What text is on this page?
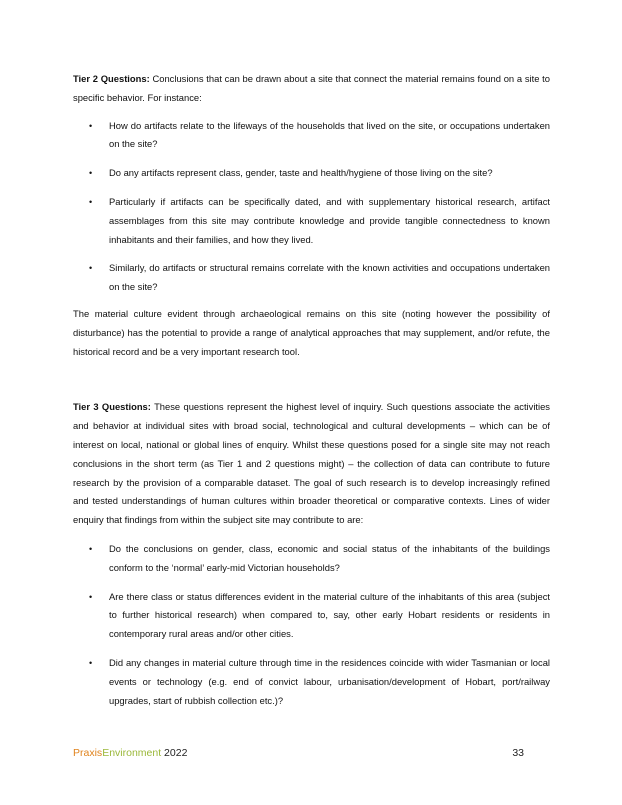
Tier 2 Questions: Conclusions that can be drawn about a site that connect the material remains found on a site to specific behavior. For instance:

• How do artifacts relate to the lifeways of the households that lived on the site, or occupations undertaken on the site?
• Do any artifacts represent class, gender, taste and health/hygiene of those living on the site?
• Particularly if artifacts can be specifically dated, and with supplementary historical research, artifact assemblages from this site may contribute knowledge and provide tangible connectedness to known inhabitants and their families, and how they lived.
• Similarly, do artifacts or structural remains correlate with the known activities and occupations undertaken on the site?

The material culture evident through archaeological remains on this site (noting however the possibility of disturbance) has the potential to provide a range of analytical approaches that may supplement, and/or refute, the historical record and be a very important research tool.

Tier 3 Questions: These questions represent the highest level of inquiry. Such questions associate the activities and behavior at individual sites with broad social, technological and cultural developments – which can be of interest on local, national or global lines of enquiry. Whilst these questions posed for a single site may not reach conclusions in the short term (as Tier 1 and 2 questions might) – the collection of data can contribute to future research by the provision of a comparable dataset. The goal of such research is to develop increasingly refined and tested understandings of human cultures within broader theoretical or comparative contexts. Lines of wider enquiry that findings from within the subject site may contribute to are:

• Do the conclusions on gender, class, economic and social status of the inhabitants of the buildings conform to the ‘normal’ early-mid Victorian households?
• Are there class or status differences evident in the material culture of the inhabitants of this area (subject to further historical research) when compared to, say, other early Hobart residents or residents in contemporary rural areas and/or other cities.
• Did any changes in material culture through time in the residences coincide with wider Tasmanian or local events or technology (e.g. end of convict labour, urbanisation/development of Hobart, port/railway upgrades, start of rubbish collection etc.)?
PraxisEnvironment 2022	33
